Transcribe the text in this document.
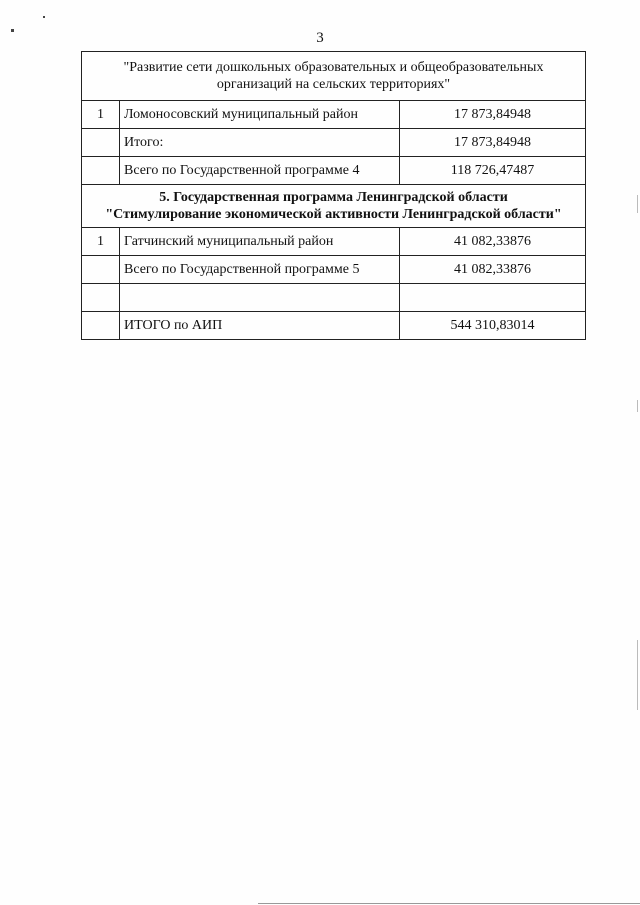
3
"Развитие сети дошкольных образовательных и общеобразовательных организаций на сельских территориях"		
1	Ломоносовский муниципальный район	17 873,84948
	Итого:	17 873,84948
	Всего по Государственной программе 4	118 726,47487

5. Государственная программа Ленинградской области
"Стимулирование экономической активности Ленинградской области"		

1	Гатчинский муниципальный район	41 082,33876
	Всего по Государственной программе 5	41 082,33876

	ИТОГО по АИП	544 310,83014
